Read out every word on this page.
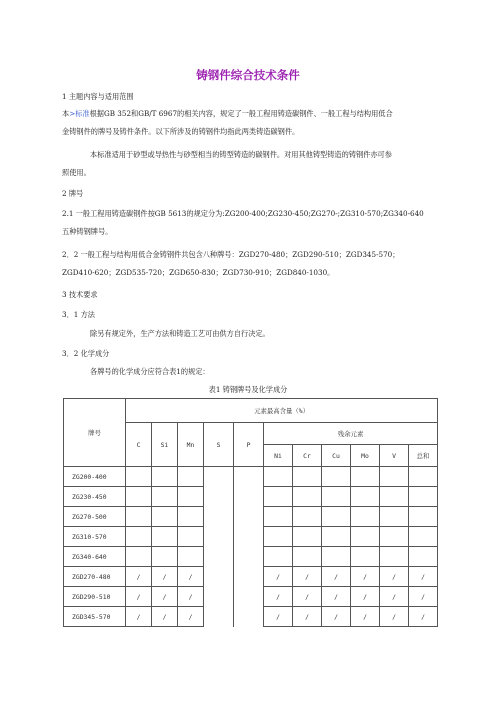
铸钢件综合技术条件
1 主题内容与适用范围
本>标准根据GB 352和GB/T 6967的相关内容，规定了一般工程用铸造碳钢件、一般工程与结构用低合
金铸钢件的牌号及铸件条件。以下所涉及的铸钢件均指此两类铸造碳钢件。
本标准适用于砂型或导热性与砂型相当的铸型铸造的碳钢件。对用其他铸型铸造的铸钢件亦可参
照使用。
2 牌号
2.1 一般工程用铸造碳钢件按GB 5613的规定分为:ZG200-400;ZG230-450;ZG270-;ZG310-570;ZG340-640
五种铸钢牌号。
2．2 一般工程与结构用低合金铸钢件共包含八种牌号：ZGD270-480；ZGD290-510；ZGD345-570；
ZGD410-620；ZGD535-720；ZGD650-830；ZGD730-910；ZGD840-1030。
3 技术要求
3．1 方法
除另有规定外，生产方法和铸造工艺可由供方自行决定。
3．2 化学成分
各牌号的化学成分应符合表1的规定：
表1 铸钢牌号及化学成分
牌号	元素最高含量（%）										
	C	Si	Mn	S	P	残余元素					
						Ni	Cr	Cu	Mo	V	总和
ZG200-400											
ZG230-450											
ZG270-500											
ZG310-570											
ZG340-640											
ZGD270-480	/	/	/			/	/	/	/	/	/
ZGD290-510	/	/	/			/	/	/	/	/	/
ZGD345-570	/	/	/			/	/	/	/	/	/
